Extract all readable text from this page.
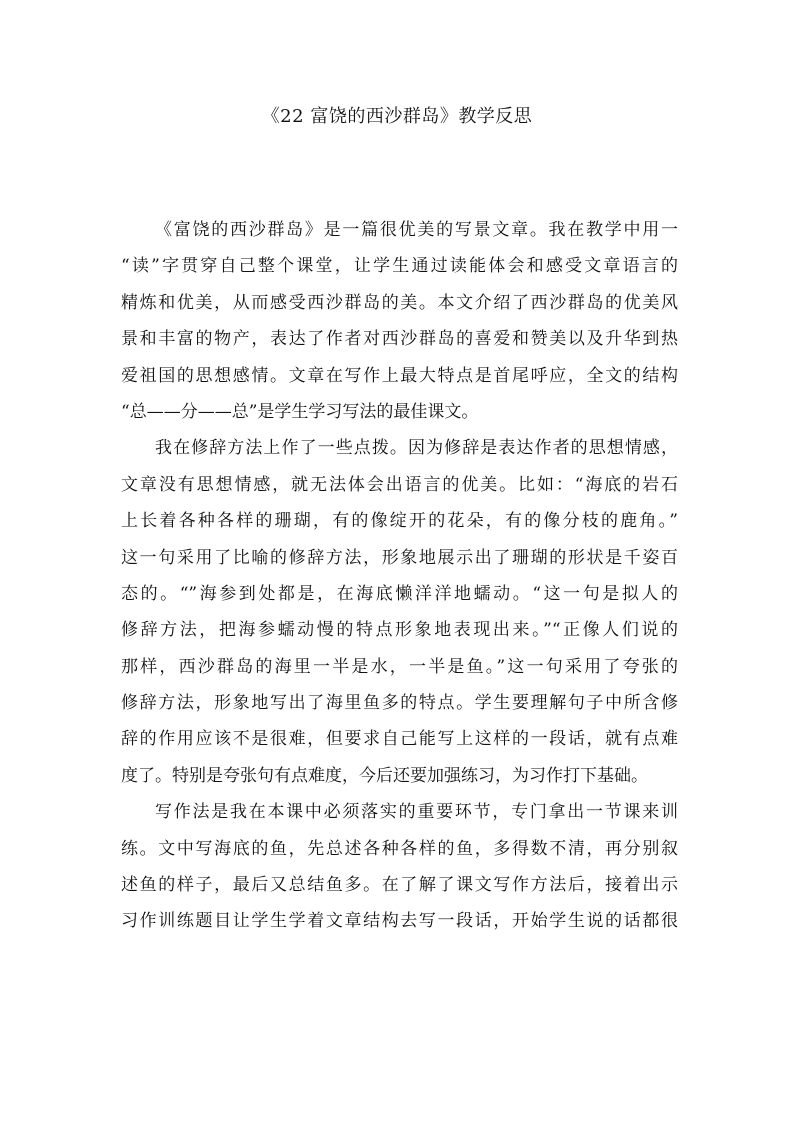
《22 富饶的西沙群岛》教学反思
《富饶的西沙群岛》是一篇很优美的写景文章。我在教学中用一
“读”字贯穿自己整个课堂，让学生通过读能体会和感受文章语言的
精炼和优美，从而感受西沙群岛的美。本文介绍了西沙群岛的优美风
景和丰富的物产，表达了作者对西沙群岛的喜爱和赞美以及升华到热
爱祖国的思想感情。文章在写作上最大特点是首尾呼应，全文的结构
“总——分——总”是学生学习写法的最佳课文。
我在修辞方法上作了一些点拨。因为修辞是表达作者的思想情感，
文章没有思想情感，就无法体会出语言的优美。比如：“海底的岩石
上长着各种各样的珊瑚，有的像绽开的花朵，有的像分枝的鹿角。”
这一句采用了比喻的修辞方法，形象地展示出了珊瑚的形状是千姿百
态的。“”海参到处都是，在海底懒洋洋地蠕动。“这一句是拟人的
修辞方法，把海参蠕动慢的特点形象地表现出来。”“正像人们说的
那样，西沙群岛的海里一半是水，一半是鱼。”这一句采用了夸张的
修辞方法，形象地写出了海里鱼多的特点。学生要理解句子中所含修
辞的作用应该不是很难，但要求自己能写上这样的一段话，就有点难
度了。特别是夸张句有点难度，今后还要加强练习，为习作打下基础。
写作法是我在本课中必须落实的重要环节，专门拿出一节课来训
练。文中写海底的鱼，先总述各种各样的鱼，多得数不清，再分别叙
述鱼的样子，最后又总结鱼多。在了解了课文写作方法后，接着出示
习作训练题目让学生学着文章结构去写一段话，开始学生说的话都很
